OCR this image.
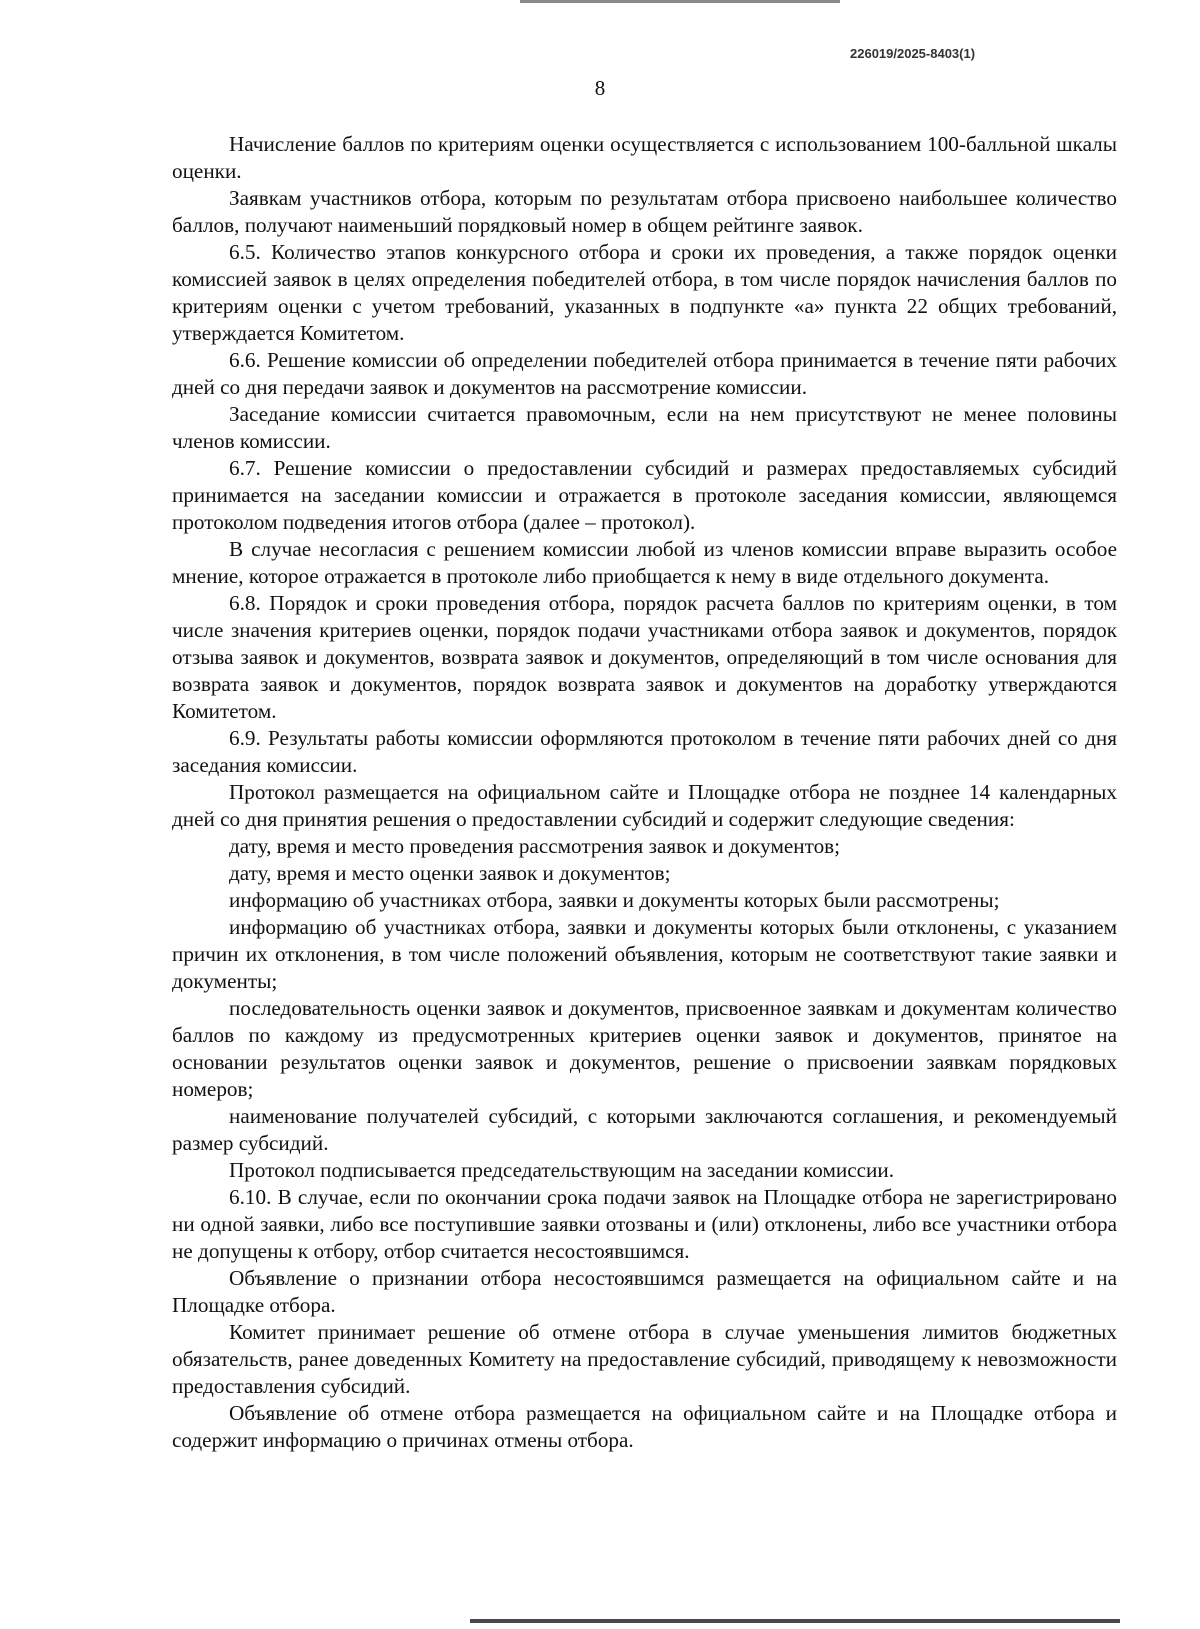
226019/2025-8403(1)
8

Начисление баллов по критериям оценки осуществляется с использованием 100-балльной шкалы оценки.

Заявкам участников отбора, которым по результатам отбора присвоено наибольшее количество баллов, получают наименьший порядковый номер в общем рейтинге заявок.

6.5. Количество этапов конкурсного отбора и сроки их проведения, а также порядок оценки комиссией заявок в целях определения победителей отбора, в том числе порядок начисления баллов по критериям оценки с учетом требований, указанных в подпункте «а» пункта 22 общих требований, утверждается Комитетом.

6.6. Решение комиссии об определении победителей отбора принимается в течение пяти рабочих дней со дня передачи заявок и документов на рассмотрение комиссии.

Заседание комиссии считается правомочным, если на нем присутствуют не менее половины членов комиссии.

6.7. Решение комиссии о предоставлении субсидий и размерах предоставляемых субсидий принимается на заседании комиссии и отражается в протоколе заседания комиссии, являющемся протоколом подведения итогов отбора (далее – протокол).

В случае несогласия с решением комиссии любой из членов комиссии вправе выразить особое мнение, которое отражается в протоколе либо приобщается к нему в виде отдельного документа.

6.8. Порядок и сроки проведения отбора, порядок расчета баллов по критериям оценки, в том числе значения критериев оценки, порядок подачи участниками отбора заявок и документов, порядок отзыва заявок и документов, возврата заявок и документов, определяющий в том числе основания для возврата заявок и документов, порядок возврата заявок и документов на доработку утверждаются Комитетом.

6.9. Результаты работы комиссии оформляются протоколом в течение пяти рабочих дней со дня заседания комиссии.

Протокол размещается на официальном сайте и Площадке отбора не позднее 14 календарных дней со дня принятия решения о предоставлении субсидий и содержит следующие сведения:

дату, время и место проведения рассмотрения заявок и документов;

дату, время и место оценки заявок и документов;

информацию об участниках отбора, заявки и документы которых были рассмотрены;

информацию об участниках отбора, заявки и документы которых были отклонены, с указанием причин их отклонения, в том числе положений объявления, которым не соответствуют такие заявки и документы;

последовательность оценки заявок и документов, присвоенное заявкам и документам количество баллов по каждому из предусмотренных критериев оценки заявок и документов, принятое на основании результатов оценки заявок и документов, решение о присвоении заявкам порядковых номеров;

наименование получателей субсидий, с которыми заключаются соглашения, и рекомендуемый размер субсидий.

Протокол подписывается председательствующим на заседании комиссии.

6.10. В случае, если по окончании срока подачи заявок на Площадке отбора не зарегистрировано ни одной заявки, либо все поступившие заявки отозваны и (или) отклонены, либо все участники отбора не допущены к отбору, отбор считается несостоявшимся.

Объявление о признании отбора несостоявшимся размещается на официальном сайте и на Площадке отбора.

Комитет принимает решение об отмене отбора в случае уменьшения лимитов бюджетных обязательств, ранее доведенных Комитету на предоставление субсидий, приводящему к невозможности предоставления субсидий.

Объявление об отмене отбора размещается на официальном сайте и на Площадке отбора и содержит информацию о причинах отмены отбора.
